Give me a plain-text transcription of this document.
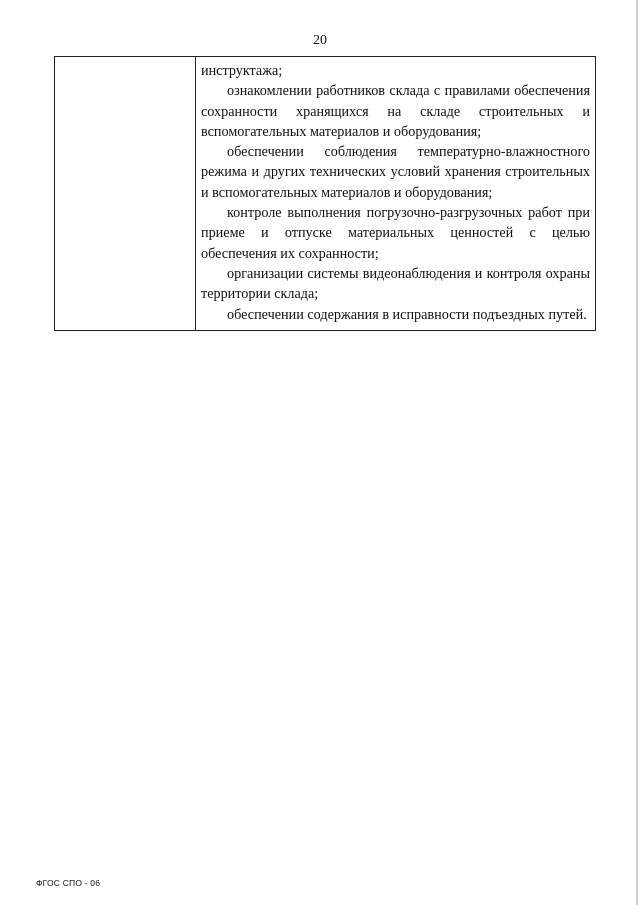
20

инструктажа;

ознакомлении работников склада с правилами обеспечения сохранности хранящихся на складе строительных и вспомогательных материалов и оборудования;

обеспечении соблюдения температурно-влажностного режима и других технических условий хранения строительных и вспомогательных материалов и оборудования;

контроле выполнения погрузочно-разгрузочных работ при приеме и отпуске материальных ценностей с целью обеспечения их сохранности;

организации системы видеонаблюдения и контроля охраны территории склада;

обеспечении содержания в исправности подъездных путей.

ФГОС СПО - 06
